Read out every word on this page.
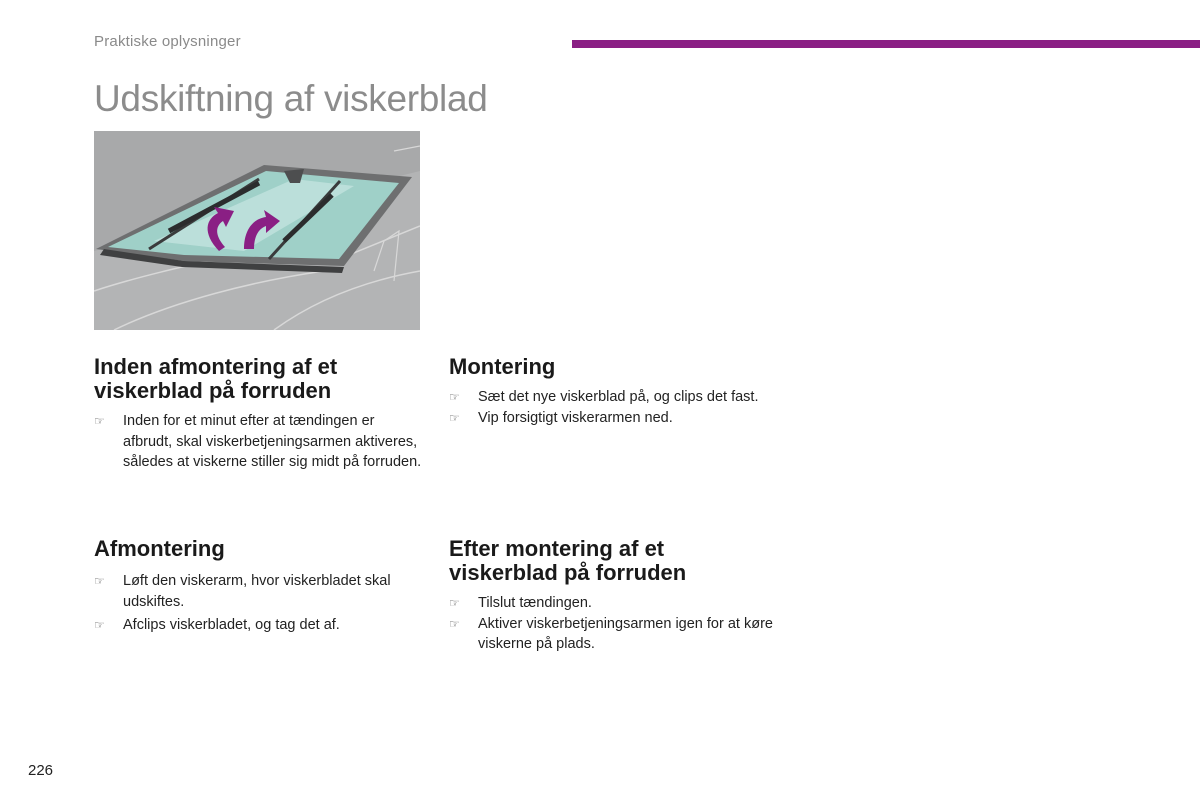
Praktiske oplysninger
Udskiftning af viskerblad
Inden afmontering af et viskerblad på forruden
☞ Inden for et minut efter at tændingen er afbrudt, skal viskerbetjeningsarmen aktiveres, således at viskerne stiller sig midt på forruden.
Montering
☞ Sæt det nye viskerblad på, og clips det fast.
☞ Vip forsigtigt viskerarmen ned.
Afmontering
☞ Løft den viskerarm, hvor viskerbladet skal udskiftes.
☞ Afclips viskerbladet, og tag det af.
Efter montering af et viskerblad på forruden
☞ Tilslut tændingen.
☞ Aktiver viskerbetjeningsarmen igen for at køre viskerne på plads.
226
